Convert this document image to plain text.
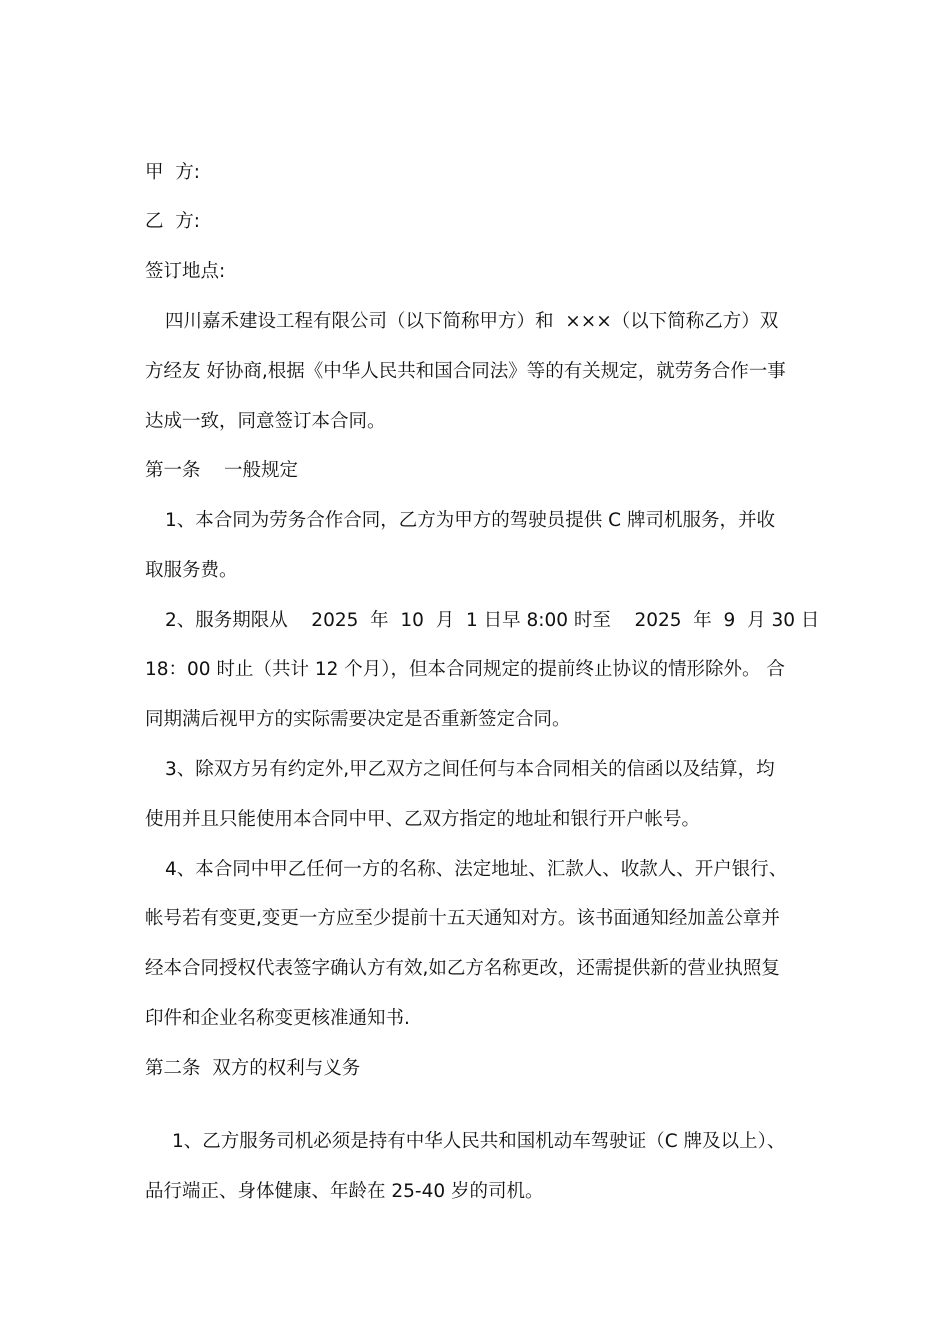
甲  方:
乙  方:
签订地点:
四川嘉禾建设工程有限公司（以下简称甲方）和  ×××（以下简称乙方）双
方经友 好协商,根据《中华人民共和国合同法》等的有关规定，就劳务合作一事
达成一致，同意签订本合同。
第一条    一般规定
1、本合同为劳务合作合同，乙方为甲方的驾驶员提供 C 牌司机服务，并收
取服务费。
2、服务期限从    2025  年  10  月  1 日早 8:00 时至    2025  年  9  月 30 日
18：00 时止（共计 12 个月），但本合同规定的提前终止协议的情形除外。 合
同期满后视甲方的实际需要决定是否重新签定合同。
3、除双方另有约定外,甲乙双方之间任何与本合同相关的信函以及结算，均
使用并且只能使用本合同中甲、乙双方指定的地址和银行开户帐号。
4、本合同中甲乙任何一方的名称、法定地址、汇款人、收款人、开户银行、
帐号若有变更,变更一方应至少提前十五天通知对方。该书面通知经加盖公章并
经本合同授权代表签字确认方有效,如乙方名称更改，还需提供新的营业执照复
印件和企业名称变更核准通知书.
第二条  双方的权利与义务
1、乙方服务司机必须是持有中华人民共和国机动车驾驶证（C 牌及以上）、
品行端正、身体健康、年龄在 25-40 岁的司机。
